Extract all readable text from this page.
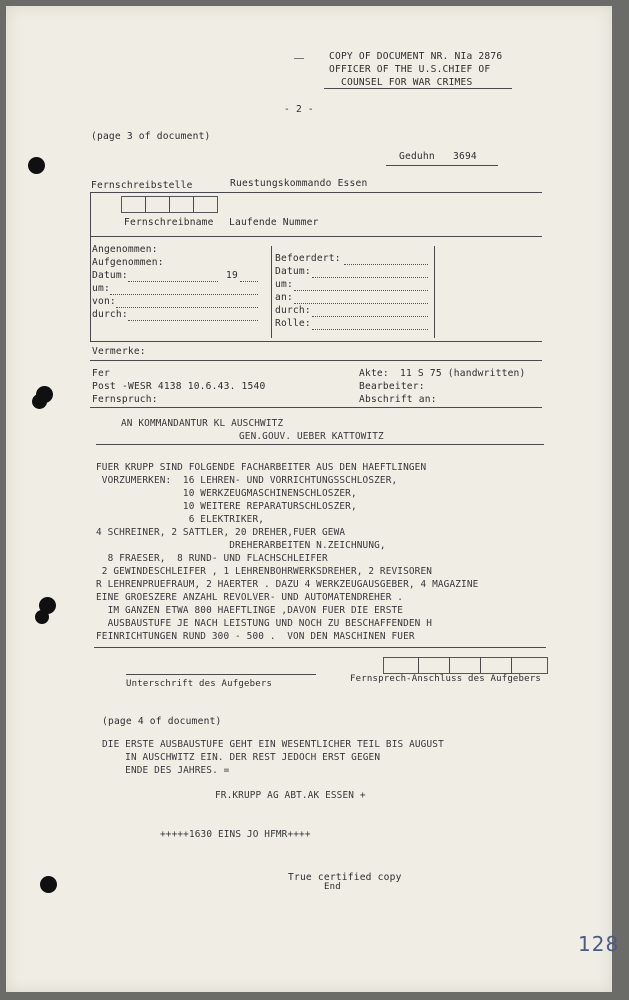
COPY OF DOCUMENT NR. NIa 2876
OFFICER OF THE U.S.CHIEF OF
COUNSEL FOR WAR CRIMES
- 2 -
(page 3 of document)
Geduhn 3694
Fernschreibstelle	Ruestungskommando Essen
Fernschreibname Laufende Nummer
Angenommen:
Aufgenommen:
Datum:	19
um:
von:
durch:
Befoerdert:
Datum:
um:
an:
durch:
Rolle:
Vermerke:
Fer
Post -WESR 4138 10.6.43. 1540
Fernspruch:
Akte: 11 S 75 (handwritten)
Bearbeiter:
Abschrift an:
AN KOMMANDANTUR KL AUSCHWITZ
GEN.GOUV. UEBER KATTOWITZ
FUER KRUPP SIND FOLGENDE FACHARBEITER AUS DEN HAEFTLINGEN
VORZUMERKEN:  16 LEHREN- UND VORRICHTUNGSSCHLOSZER,
10 WERKZEUGMASCHINENSCHLOSZER,
10 WEITERE REPARATURSCHLOSZER,
6 ELEKTRIKER,
4 SCHREINER, 2 SATTLER, 20 DREHER,FUER GEWA
DREHERARBEITEN N.ZEICHNUNG,
8 FRAESER,  8 RUND- UND FLACHSCHLEIFER
2 GEWINDESCHLEIFER , 1 LEHRENBOHRWERKSDREHER, 2 REVISOREN
R LEHRENPRUEFRAUM, 2 HAERTER . DAZU 4 WERKZEUGAUSGEBER, 4 MAGAZINE
EINE GROESZERE ANZAHL REVOLVER- UND AUTOMATENDREHER .
IM GANZEN ETWA 800 HAEFTLINGE ,DAVON FUER DIE ERSTE
AUSBAUSTUFE JE NACH LEISTUNG UND NOCH ZU BESCHAFFENDEN H
FEINRICHTUNGEN RUND 300 - 500 .  VON DEN MASCHINEN FUER
Unterschrift des Aufgebers	Fernsprech-Anschluss des Aufgebers
(page 4 of document)
DIE ERSTE AUSBAUSTUFE GEHT EIN WESENTLICHER TEIL BIS AUGUST
IN AUSCHWITZ EIN. DER REST JEDOCH ERST GEGEN
ENDE DES JAHRES. =
FR.KRUPP AG ABT.AK ESSEN +
+++++1630 EINS JO HFMR++++
True certified copy
End
128
